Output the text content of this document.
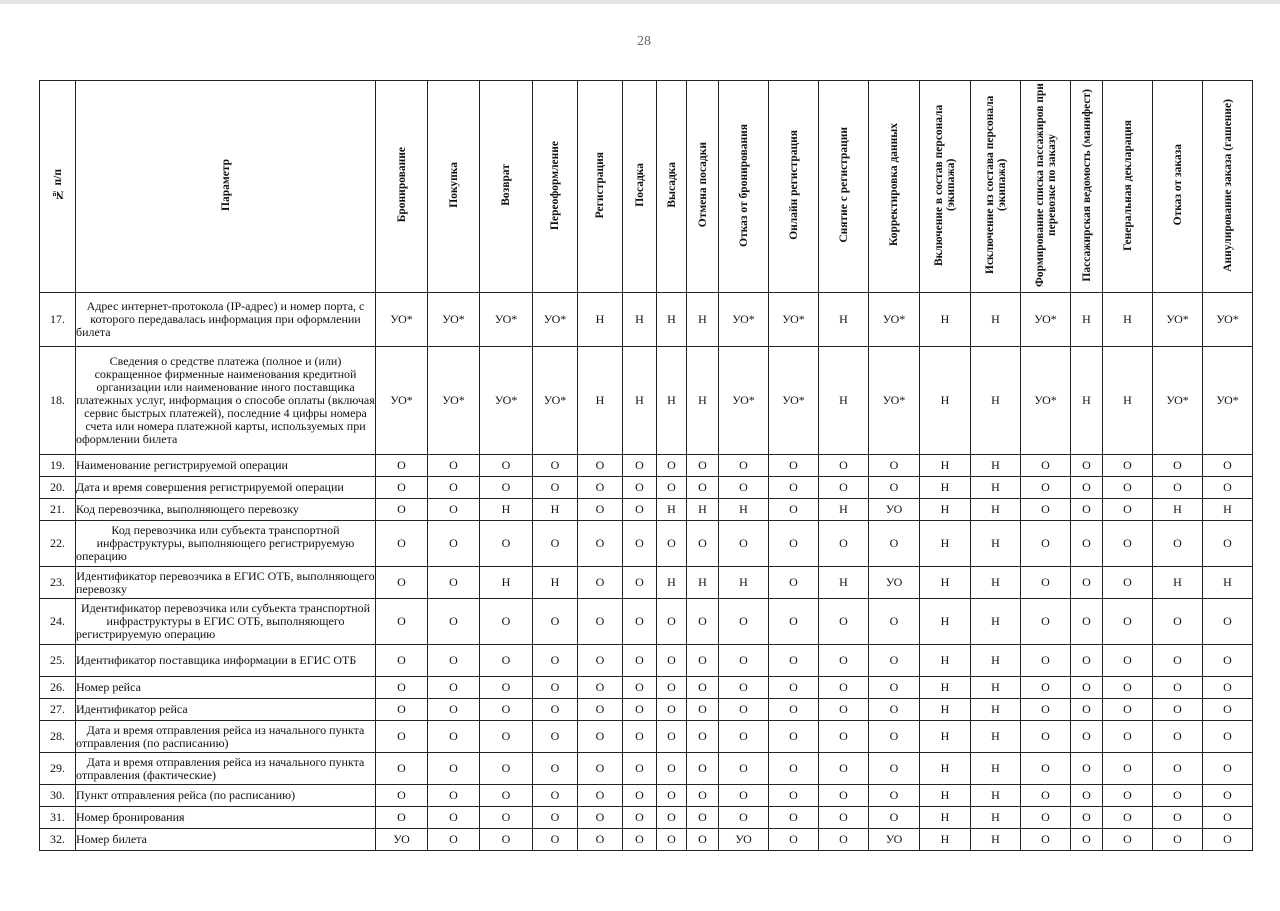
28
№ п/п	Параметр	Бронирование	Покупка	Возврат	Переоформление	Регистрация	Посадка	Высадка	Отмена посадки	Отказ от бронирования	Онлайн регистрация	Снятие с регистрации	Корректировка данных	Включение в состав персонала (экипажа)	Исключение из состава персонала (экипажа)	Формирование списка пассажиров при перевозке по заказу	Пассажирская ведомость (манифест)	Генеральная декларация	Отказ от заказа	Аннулирование заказа (гашение)
17.	Адрес интернет-протокола (IP-адрес) и номер порта, с которого передавалась информация при оформлении билета	УО*	УО*	УО*	УО*	Н	Н	Н	Н	УО*	УО*	Н	УО*	Н	Н	УО*	Н	Н	УО*	УО*
18.	Сведения о средстве платежа (полное и (или) сокращенное фирменные наименования кредитной организации или наименование иного поставщика платежных услуг, информация о способе оплаты (включая сервис быстрых платежей), последние 4 цифры номера счета или номера платежной карты, используемых при оформлении билета	УО*	УО*	УО*	УО*	Н	Н	Н	Н	УО*	УО*	Н	УО*	Н	Н	УО*	Н	Н	УО*	УО*
19.	Наименование регистрируемой операции	О	О	О	О	О	О	О	О	О	О	О	О	Н	Н	О	О	О	О	О
20.	Дата и время совершения регистрируемой операции	О	О	О	О	О	О	О	О	О	О	О	О	Н	Н	О	О	О	О	О
21.	Код перевозчика, выполняющего перевозку	О	О	Н	Н	О	О	Н	Н	Н	О	Н	УО	Н	Н	О	О	О	Н	Н
22.	Код перевозчика или субъекта транспортной инфраструктуры, выполняющего регистрируемую операцию	О	О	О	О	О	О	О	О	О	О	О	О	Н	Н	О	О	О	О	О
23.	Идентификатор перевозчика в ЕГИС ОТБ, выполняющего перевозку	О	О	Н	Н	О	О	Н	Н	Н	О	Н	УО	Н	Н	О	О	О	Н	Н
24.	Идентификатор перевозчика или субъекта транспортной инфраструктуры в ЕГИС ОТБ, выполняющего регистрируемую операцию	О	О	О	О	О	О	О	О	О	О	О	О	Н	Н	О	О	О	О	О
25.	Идентификатор поставщика информации в ЕГИС ОТБ	О	О	О	О	О	О	О	О	О	О	О	О	Н	Н	О	О	О	О	О
26.	Номер рейса	О	О	О	О	О	О	О	О	О	О	О	О	Н	Н	О	О	О	О	О
27.	Идентификатор рейса	О	О	О	О	О	О	О	О	О	О	О	О	Н	Н	О	О	О	О	О
28.	Дата и время отправления рейса из начального пункта отправления (по расписанию)	О	О	О	О	О	О	О	О	О	О	О	О	Н	Н	О	О	О	О	О
29.	Дата и время отправления рейса из начального пункта отправления (фактические)	О	О	О	О	О	О	О	О	О	О	О	О	Н	Н	О	О	О	О	О
30.	Пункт отправления рейса (по расписанию)	О	О	О	О	О	О	О	О	О	О	О	О	Н	Н	О	О	О	О	О
31.	Номер бронирования	О	О	О	О	О	О	О	О	О	О	О	О	Н	Н	О	О	О	О	О
32.	Номер билета	УО	О	О	О	О	О	О	О	УО	О	О	УО	Н	Н	О	О	О	О	О
